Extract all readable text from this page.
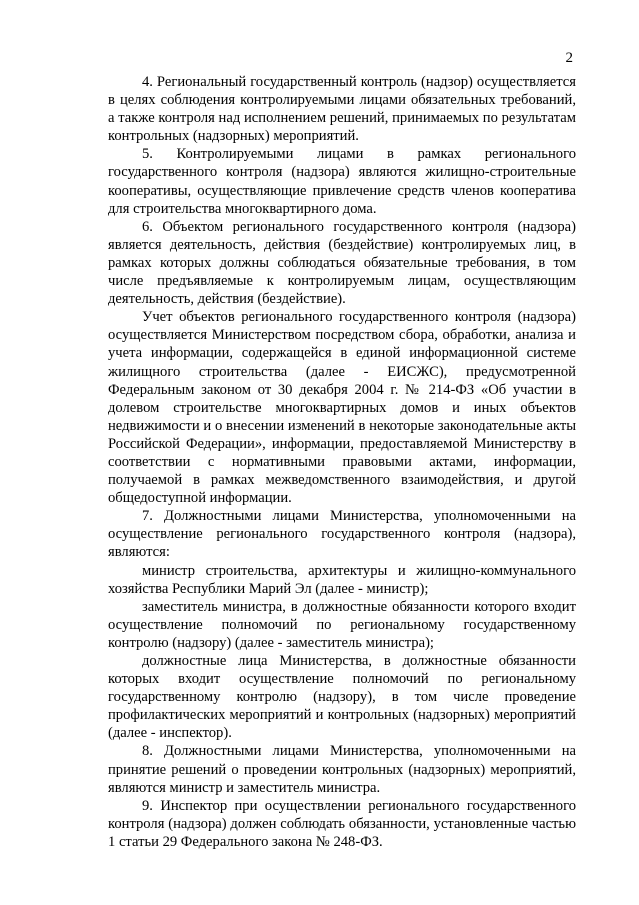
2

4. Региональный государственный контроль (надзор) осуществляется в целях соблюдения контролируемыми лицами обязательных требований, а также контроля над исполнением решений, принимаемых по результатам контрольных (надзорных) мероприятий.

5. Контролируемыми лицами в рамках регионального государственного контроля (надзора) являются жилищно-строительные кооперативы, осуществляющие привлечение средств членов кооператива для строительства многоквартирного дома.

6. Объектом регионального государственного контроля (надзора) является деятельность, действия (бездействие) контролируемых лиц, в рамках которых должны соблюдаться обязательные требования, в том числе предъявляемые к контролируемым лицам, осуществляющим деятельность, действия (бездействие).

Учет объектов регионального государственного контроля (надзора) осуществляется Министерством посредством сбора, обработки, анализа и учета информации, содержащейся в единой информационной системе жилищного строительства (далее - ЕИСЖС), предусмотренной Федеральным законом от 30 декабря 2004 г. № 214-ФЗ «Об участии в долевом строительстве многоквартирных домов и иных объектов недвижимости и о внесении изменений в некоторые законодательные акты Российской Федерации», информации, предоставляемой Министерству в соответствии с нормативными правовыми актами, информации, получаемой в рамках межведомственного взаимодействия, и другой общедоступной информации.

7. Должностными лицами Министерства, уполномоченными на осуществление регионального государственного контроля (надзора), являются:

министр строительства, архитектуры и жилищно-коммунального хозяйства Республики Марий Эл (далее - министр);

заместитель министра, в должностные обязанности которого входит осуществление полномочий по региональному государственному контролю (надзору) (далее - заместитель министра);

должностные лица Министерства, в должностные обязанности которых входит осуществление полномочий по региональному государственному контролю (надзору), в том числе проведение профилактических мероприятий и контрольных (надзорных) мероприятий (далее - инспектор).

8. Должностными лицами Министерства, уполномоченными на принятие решений о проведении контрольных (надзорных) мероприятий, являются министр и заместитель министра.

9. Инспектор при осуществлении регионального государственного контроля (надзора) должен соблюдать обязанности, установленные частью 1 статьи 29 Федерального закона № 248-ФЗ.
